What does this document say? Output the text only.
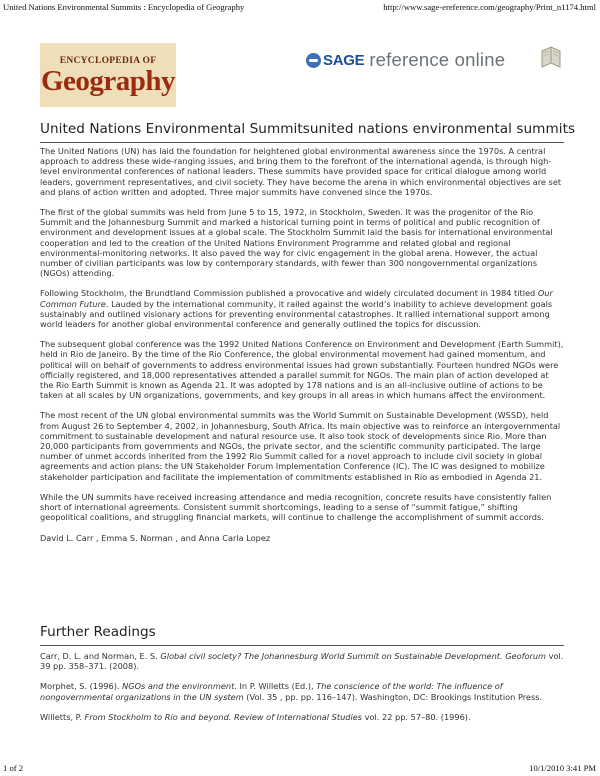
United Nations Environmental Summits : Encyclopedia of Geography	http://www.sage-ereference.com/geography/Print_n1174.html
ENCYCLOPEDIA OF
Geography
SAGE reference online
United Nations Environmental Summitsunited nations environmental summits

The United Nations (UN) has laid the foundation for heightened global environmental awareness since the 1970s. A central approach to address these wide-ranging issues, and bring them to the forefront of the international agenda, is through high-level environmental conferences of national leaders. These summits have provided space for critical dialogue among world leaders, government representatives, and civil society. They have become the arena in which environmental objectives are set and plans of action written and adopted. Three major summits have convened since the 1970s.

The first of the global summits was held from June 5 to 15, 1972, in Stockholm, Sweden. It was the progenitor of the Rio Summit and the Johannesburg Summit and marked a historical turning point in terms of political and public recognition of environment and development issues at a global scale. The Stockholm Summit laid the basis for international environmental cooperation and led to the creation of the United Nations Environment Programme and related global and regional environmental-monitoring networks. It also paved the way for civic engagement in the global arena. However, the actual number of civilian participants was low by contemporary standards, with fewer than 300 nongovernmental organizations (NGOs) attending.

Following Stockholm, the Brundtland Commission published a provocative and widely circulated document in 1984 titled Our Common Future. Lauded by the international community, it railed against the world’s inability to achieve development goals sustainably and outlined visionary actions for preventing environmental catastrophes. It rallied international support among world leaders for another global environmental conference and generally outlined the topics for discussion.

The subsequent global conference was the 1992 United Nations Conference on Environment and Development (Earth Summit), held in Rio de Janeiro. By the time of the Rio Conference, the global environmental movement had gained momentum, and political will on behalf of governments to address environmental issues had grown substantially. Fourteen hundred NGOs were officially registered, and 18,000 representatives attended a parallel summit for NGOs. The main plan of action developed at the Rio Earth Summit is known as Agenda 21. It was adopted by 178 nations and is an all-inclusive outline of actions to be taken at all scales by UN organizations, governments, and key groups in all areas in which humans affect the environment.

The most recent of the UN global environmental summits was the World Summit on Sustainable Development (WSSD), held from August 26 to September 4, 2002, in Johannesburg, South Africa. Its main objective was to reinforce an intergovernmental commitment to sustainable development and natural resource use. It also took stock of developments since Rio. More than 20,000 participants from governments and NGOs, the private sector, and the scientific community participated. The large number of unmet accords inherited from the 1992 Rio Summit called for a novel approach to include civil society in global agreements and action plans: the UN Stakeholder Forum Implementation Conference (IC). The IC was designed to mobilize stakeholder participation and facilitate the implementation of commitments established in Rio as embodied in Agenda 21.

While the UN summits have received increasing attendance and media recognition, concrete results have consistently fallen short of international agreements. Consistent summit shortcomings, leading to a sense of “summit fatigue,” shifting geopolitical coalitions, and struggling financial markets, will continue to challenge the accomplishment of summit accords.

David L. Carr , Emma S. Norman , and Anna Carla Lopez

Further Readings

Carr, D. L. and Norman, E. S. Global civil society? The Johannesburg World Summit on Sustainable Development. Geoforum vol. 39 pp. 358–371. (2008).

Morphet, S. (1996). NGOs and the environment. In P. Willetts (Ed.), The conscience of the world: The influence of nongovernmental organizations in the UN system (Vol. 35 , pp. pp. 116–147). Washington, DC: Brookings Institution Press.

Willetts, P. From Stockholm to Rio and beyond. Review of International Studies vol. 22 pp. 57–80. (1996).

1 of 2	10/1/2010 3:41 PM
